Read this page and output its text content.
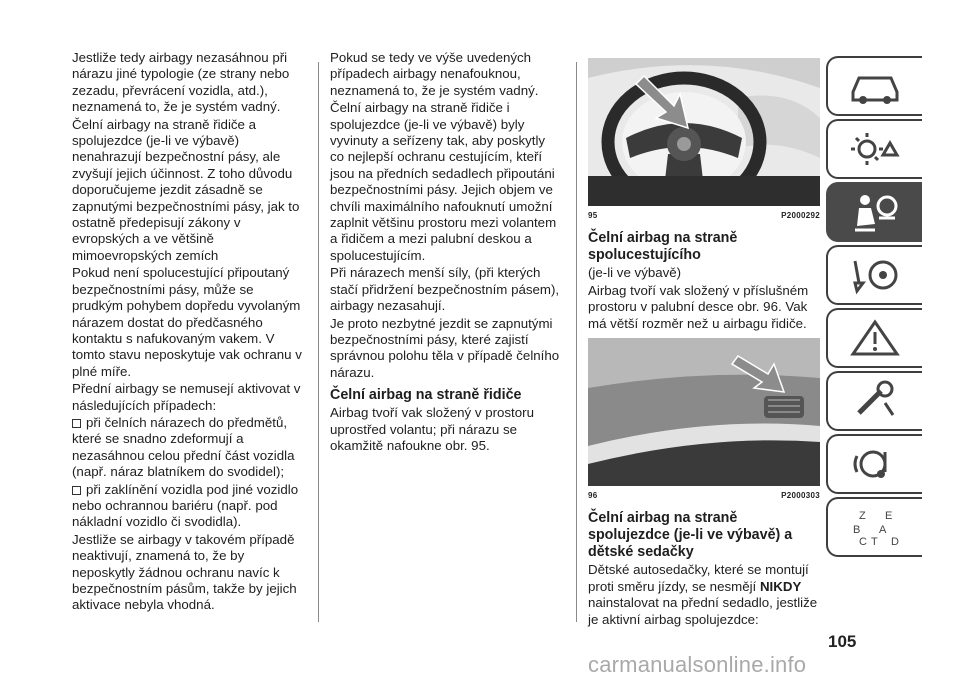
Jestliže tedy airbagy nezasáhnou při nárazu jiné typologie (ze strany nebo zezadu, převrácení vozidla, atd.), neznamená to, že je systém vadný.

Čelní airbagy na straně řidiče a spolujezdce (je-li ve výbavě) nenahrazují bezpečnostní pásy, ale zvyšují jejich účinnost. Z toho důvodu doporučujeme jezdit zásadně se zapnutými bezpečnostními pásy, jak to ostatně předepisují zákony v evropských a ve většině mimoevropských zemích

Pokud není spolucestující připoutaný bezpečnostními pásy, může se prudkým pohybem dopředu vyvolaným nárazem dostat do předčasného kontaktu s nafukovaným vakem. V tomto stavu neposkytuje vak ochranu v plné míře.

Přední airbagy se nemusejí aktivovat v následujících případech:

při čelních nárazech do předmětů, které se snadno zdeformují a nezasáhnou celou přední část vozidla (např. náraz blatníkem do svodidel);

při zaklínění vozidla pod jiné vozidlo nebo ochrannou bariéru (např. pod nákladní vozidlo či svodidla).

Jestliže se airbagy v takovém případě neaktivují, znamená to, že by neposkytly žádnou ochranu navíc k bezpečnostním pásům, takže by jejich aktivace nebyla vhodná.

Pokud se tedy ve výše uvedených případech airbagy nenafouknou, neznamená to, že je systém vadný.

Čelní airbagy na straně řidiče i spolujezdce (je-li ve výbavě) byly vyvinuty a seřízeny tak, aby poskytly co nejlepší ochranu cestujícím, kteří jsou na předních sedadlech připoutáni bezpečnostními pásy. Jejich objem ve chvíli maximálního nafouknutí umožní zaplnit většinu prostoru mezi volantem a řidičem a mezi palubní deskou a spolucestujícím.

Při nárazech menší síly, (při kterých stačí přidržení bezpečnostním pásem), airbagy nezasahují.

Je proto nezbytné jezdit se zapnutými bezpečnostními pásy, které zajistí správnou polohu těla v případě čelního nárazu.

Čelní airbag na straně řidiče

Airbag tvoří vak složený v prostoru uprostřed volantu; při nárazu se okamžitě nafoukne obr. 95.

95	P2000292
Čelní airbag na straně spolucestujícího

(je-li ve výbavě)

Airbag tvoří vak složený v příslušném prostoru v palubní desce obr. 96. Vak má větší rozměr než u airbagu řidiče.

96	P2000303
Čelní airbag na straně spolujezdce (je-li ve výbavě) a dětské sedačky

Dětské autosedačky, které se montují proti směru jízdy, se nesmějí NIKDY nainstalovat na přední sedadlo, jestliže je aktivní airbag spolujezdce:

Z E
B A
C T D
105
carmanualsonline.info
